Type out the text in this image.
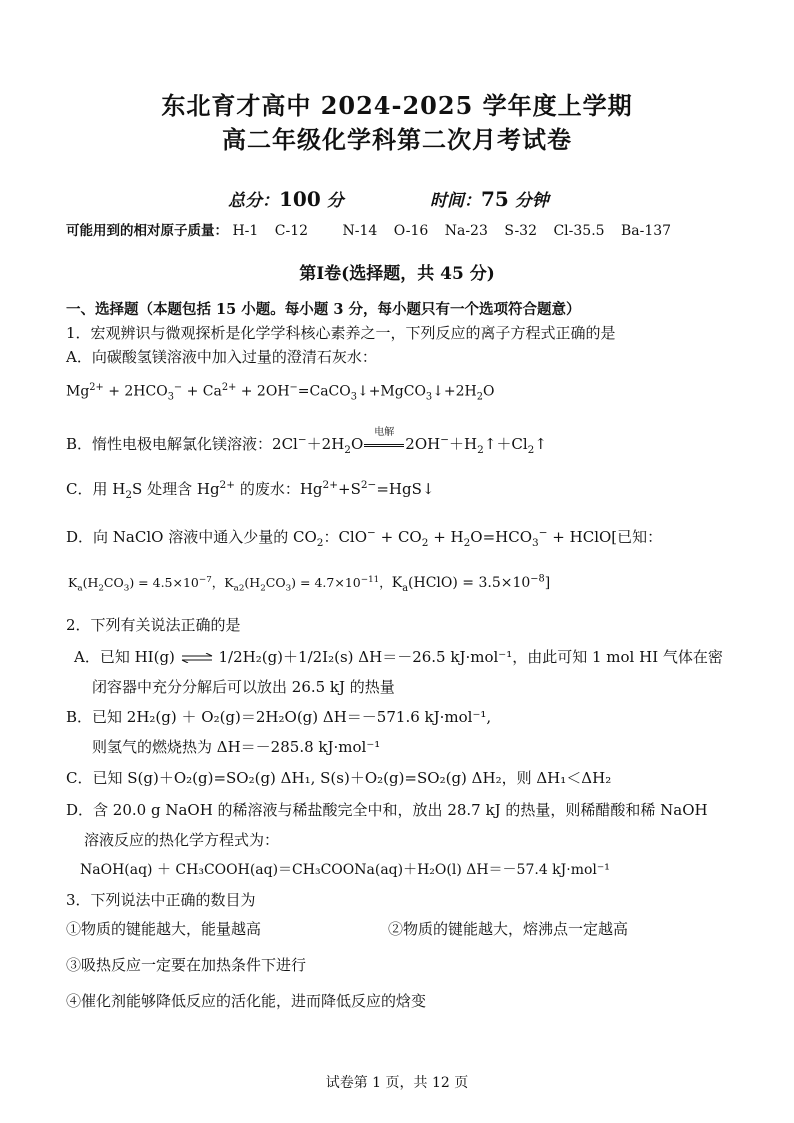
东北育才高中 2024-2025 学年度上学期
高二年级化学科第二次月考试卷
总分：100 分	时间：75 分钟
可能用到的相对原子质量： H-1 C-12 N-14 O-16 Na-23 S-32 Cl-35.5 Ba-137
第Ⅰ卷(选择题，共 45 分)
一、选择题（本题包括 15 小题。每小题 3 分，每小题只有一个选项符合题意）
1．宏观辨识与微观探析是化学学科核心素养之一，下列反应的离子方程式正确的是
A．向碳酸氢镁溶液中加入过量的澄清石灰水：
$Mg^{2+} + 2HCO_3^- + Ca^{2+}$ + $2OH^-=CaCO_3↓+MgCO_3↓+2H_2O$
B．惰性电极电解氯化镁溶液：$2Cl^-+2H_2O$
电解
$2OH^-+H_2↑+Cl_2↑$
C．用 $H_2S$ 处理含 $Hg^{2+}$ 的废水：$Hg^{2+}+S^{2-}=HgS↓$
D．向 NaClO 溶液中通入少量的 $CO_2$：$ClO^- + CO_2 + H_2O=HCO_3^-$ + HClO[已知：
$K_a(H_2CO_3) = 4.5\times 10^{-7}$，$K_{a2}(H_2CO_3) = 4.7\times 10^{-11}$，$K_a(HClO) = 3.5\times 10^{-8}$]
2．下列有关说法正确的是
A．已知 HI(g) ⇌ 1/2H₂(g)＋1/2I₂(s) ΔH＝－26.5 kJ·mol⁻¹，由此可知 1 mol HI 气体在密
闭容器中充分分解后可以放出 26.5 kJ 的热量
B．已知 2H₂(g) ＋ O₂(g)＝2H₂O(g) ΔH＝－571.6 kJ·mol⁻¹,
则氢气的燃烧热为 ΔH＝－285.8 kJ·mol⁻¹
C．已知 S(g)＋O₂(g)=SO₂(g) ΔH₁, S(s)＋O₂(g)=SO₂(g) ΔH₂，则 ΔH₁＜ΔH₂
D．含 20.0 g NaOH 的稀溶液与稀盐酸完全中和，放出 28.7 kJ 的热量，则稀醋酸和稀 NaOH
溶液反应的热化学方程式为：
NaOH(aq) ＋ CH₃COOH(aq)＝CH₃COONa(aq)＋H₂O(l) ΔH＝－57.4 kJ·mol⁻¹
3．下列说法中正确的数目为
①物质的键能越大，能量越高	②物质的键能越大，熔沸点一定越高
③吸热反应一定要在加热条件下进行
④催化剂能够降低反应的活化能，进而降低反应的焓变
试卷第 1 页，共 12 页
